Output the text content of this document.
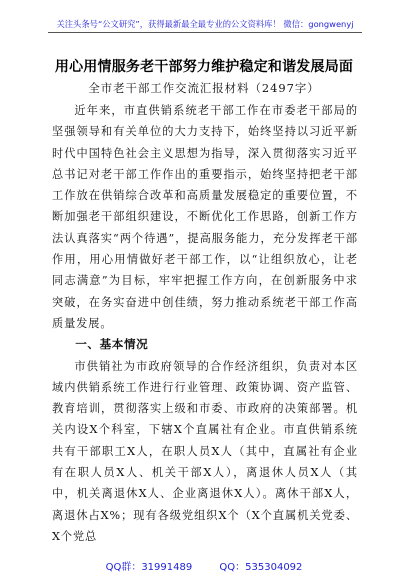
关注头条号“公文研究”，获得最新最全最专业的公文资料库！ 微信：gongwenyj
用心用情服务老干部努力维护稳定和谐发展局面
全市老干部工作交流汇报材料（2497字）

近年来，市直供销系统老干部工作在市委老干部局的坚强领导和有关单位的大力支持下，始终坚持以习近平新时代中国特色社会主义思想为指导，深入贯彻落实习近平总书记对老干部工作作出的重要指示，始终坚持把老干部工作放在供销综合改革和高质量发展稳定的重要位置，不断加强老干部组织建设，不断优化工作思路，创新工作方法认真落实“两个待遇”，提高服务能力，充分发挥老干部作用，用心用情做好老干部工作，以“让组织放心，让老同志满意”为目标，牢牢把握工作方向，在创新服务中求突破，在务实奋进中创佳绩，努力推动系统老干部工作高质量发展。

一、基本情况

市供销社为市政府领导的合作经济组织，负责对本区域内供销系统工作进行行业管理、政策协调、资产监管、教育培训，贯彻落实上级和市委、市政府的决策部署。机关内设X个科室，下辖X个直属社有企业。市直供销系统共有干部职工X人，在职人员X人（其中，直属社有企业有在职人员X人、机关干部X人），离退休人员X人（其中，机关离退休X人、企业离退休X人）。离休干部X人，离退休占X%；现有各级党组织X个（X个直属机关党委、X个党总

QQ群：31991489	QQ：535304092
